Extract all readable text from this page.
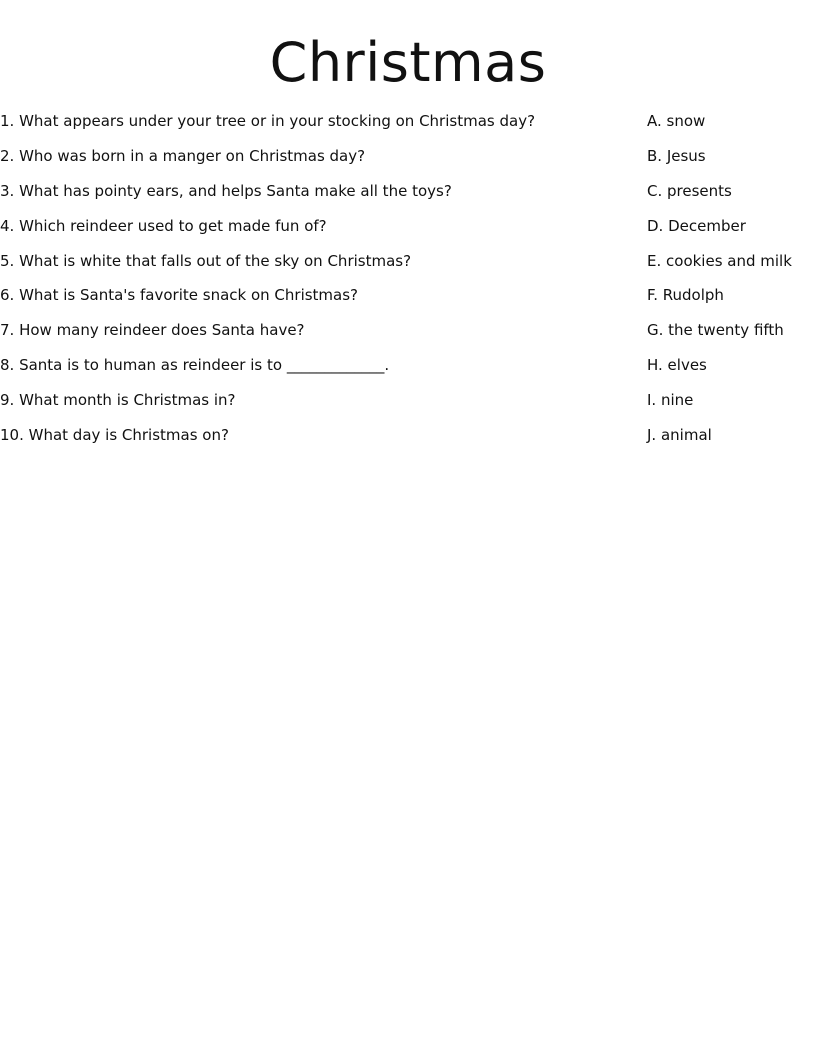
Christmas
1. What appears under your tree or in your stocking on Christmas day?	A. snow
2. Who was born in a manger on Christmas day?	B. Jesus
3. What has pointy ears, and helps Santa make all the toys?	C. presents
4. Which reindeer used to get made fun of?	D. December
5. What is white that falls out of the sky on Christmas?	E. cookies and milk
6. What is Santa's favorite snack on Christmas?	F. Rudolph
7. How many reindeer does Santa have?	G. the twenty fifth
8. Santa is to human as reindeer is to _____________.	H. elves
9. What month is Christmas in?	I. nine
10. What day is Christmas on?	J. animal
